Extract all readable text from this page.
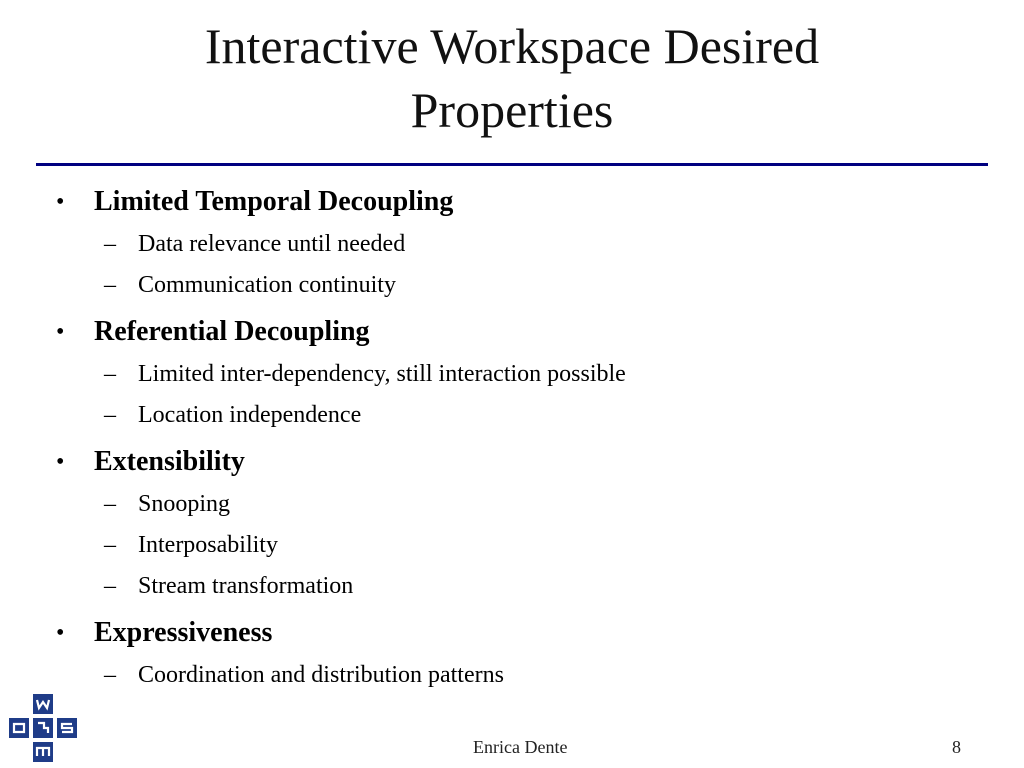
Interactive Workspace Desired
Properties
• Limited Temporal Decoupling
– Data relevance until needed
– Communication continuity
• Referential Decoupling
– Limited inter-dependency, still interaction possible
– Location independence
• Extensibility
– Snooping
– Interposability
– Stream transformation
• Expressiveness
– Coordination and distribution patterns
Enrica Dente	8
